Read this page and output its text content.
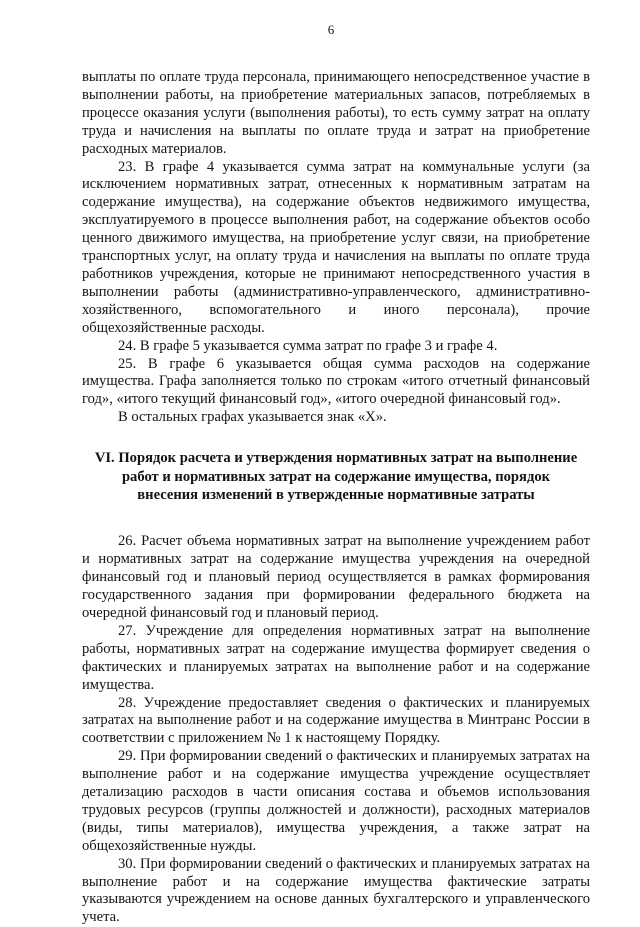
6

выплаты по оплате труда персонала, принимающего непосредственное участие в выполнении работы, на приобретение материальных запасов, потребляемых в процессе оказания услуги (выполнения работы), то есть сумму затрат на оплату труда и начисления на выплаты по оплате труда и затрат на приобретение расходных материалов.

23. В графе 4 указывается сумма затрат на коммунальные услуги (за исключением нормативных затрат, отнесенных к нормативным затратам на содержание имущества), на содержание объектов недвижимого имущества, эксплуатируемого в процессе выполнения работ, на содержание объектов особо ценного движимого имущества, на приобретение услуг связи, на приобретение транспортных услуг, на оплату труда и начисления на выплаты по оплате труда работников учреждения, которые не принимают непосредственного участия в выполнении работы (административно-управленческого, административно-хозяйственного, вспомогательного и иного персонала), прочие общехозяйственные расходы.

24. В графе 5 указывается сумма затрат по графе 3 и графе 4.

25. В графе 6 указывается общая сумма расходов на содержание имущества. Графа заполняется только по строкам «итого отчетный финансовый год», «итого текущий финансовый год», «итого очередной финансовый год».

В остальных графах указывается знак «Х».

VI. Порядок расчета и утверждения нормативных затрат на выполнение работ и нормативных затрат на содержание имущества, порядок внесения изменений в утвержденные нормативные затраты

26. Расчет объема нормативных затрат на выполнение учреждением работ и нормативных затрат на содержание имущества учреждения на очередной финансовый год и плановый период осуществляется в рамках формирования государственного задания при формировании федерального бюджета на очередной финансовый год и плановый период.

27. Учреждение для определения нормативных затрат на выполнение работы, нормативных затрат на содержание имущества формирует сведения о фактических и планируемых затратах на выполнение работ и на содержание имущества.

28. Учреждение предоставляет сведения о фактических и планируемых затратах на выполнение работ и на содержание имущества в Минтранс России в соответствии с приложением № 1 к настоящему Порядку.

29. При формировании сведений о фактических и планируемых затратах на выполнение работ и на содержание имущества учреждение осуществляет детализацию расходов в части описания состава и объемов использования трудовых ресурсов (группы должностей и должности), расходных материалов (виды, типы материалов), имущества учреждения, а также затрат на общехозяйственные нужды.

30. При формировании сведений о фактических и планируемых затратах на выполнение работ и на содержание имущества фактические затраты указываются учреждением на основе данных бухгалтерского и управленческого учета.
